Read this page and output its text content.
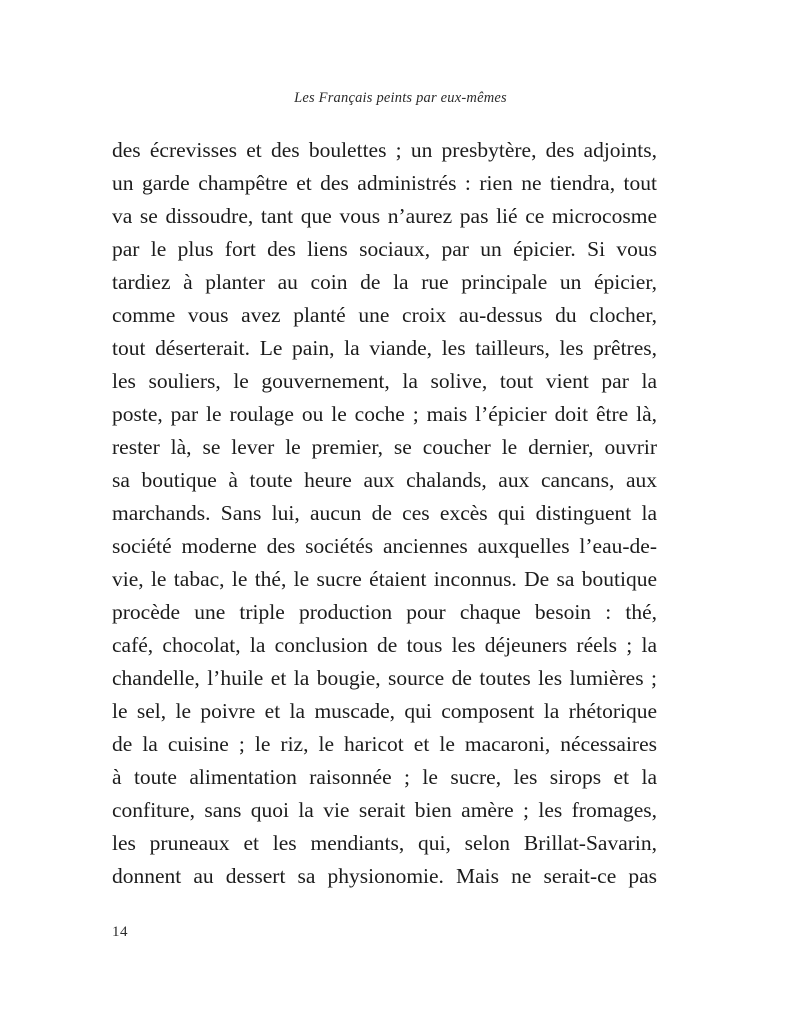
Les Français peints par eux-mêmes
des écrevisses et des boulettes ; un presbytère, des adjoints,
un garde champêtre et des administrés : rien ne tiendra, tout
va se dissoudre, tant que vous n’aurez pas lié ce microcosme
par le plus fort des liens sociaux, par un épicier. Si vous
tardiez à planter au coin de la rue principale un épicier,
comme vous avez planté une croix au-dessus du clocher,
tout déserterait. Le pain, la viande, les tailleurs, les prêtres,
les souliers, le gouvernement, la solive, tout vient par la
poste, par le roulage ou le coche ; mais l’épicier doit être là,
rester là, se lever le premier, se coucher le dernier, ouvrir
sa boutique à toute heure aux chalands, aux cancans, aux
marchands. Sans lui, aucun de ces excès qui distinguent la
société moderne des sociétés anciennes auxquelles l’eau-de-
vie, le tabac, le thé, le sucre étaient inconnus. De sa boutique
procède une triple production pour chaque besoin : thé,
café, chocolat, la conclusion de tous les déjeuners réels ; la
chandelle, l’huile et la bougie, source de toutes les lumières ;
le sel, le poivre et la muscade, qui composent la rhétorique
de la cuisine ; le riz, le haricot et le macaroni, nécessaires
à toute alimentation raisonnée ; le sucre, les sirops et la
confiture, sans quoi la vie serait bien amère ; les fromages,
les pruneaux et les mendiants, qui, selon Brillat-Savarin,
donnent au dessert sa physionomie. Mais ne serait-ce pas
14
